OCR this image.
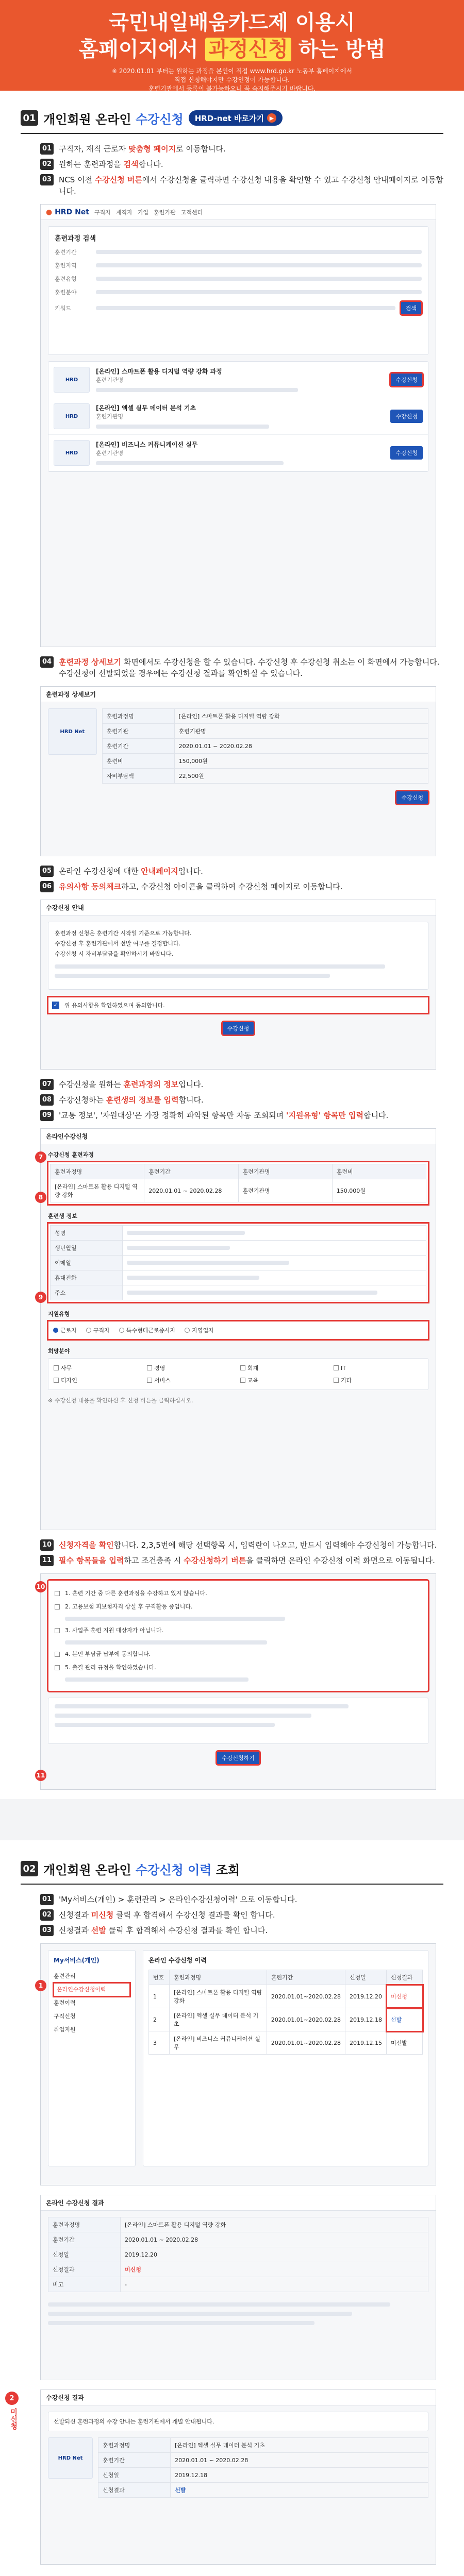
국민내일배움카드제 이용시
홈페이지에서 과정신청 하는 방법
※ 2020.01.01 부터는 원하는 과정을 본인이 직접 www.hrd.go.kr 노동부 홈페이지에서
직접 신청해야지만 수강인정이 가능합니다.
훈련기관에서 등록이 불가능하오니 꼭 숙지해주시기 바랍니다.
01 개인회원 온라인 수강신청 HRD-net 바로가기 ▶
01 구직자, 재직 근로자 맞춤형 페이지로 이동합니다.
02 원하는 훈련과정을 검색합니다.
03 NCS 이전 수강신청 버튼에서 수강신청을 클릭하면 수강신청 내용을 확인할 수 있고 수강신청 안내페이지로 이동합니다.
● HRD Net 구직자 재직자 기업 훈련기관 고객센터
훈련과정 검색
훈련기간
훈련지역
훈련유형
훈련분야
키워드	검색
HRD
[온라인] 스마트폰 활용 디지털 역량 강화 과정
훈련기관명	수강신청
HRD
[온라인] 엑셀 실무 데이터 분석 기초
훈련기관명	수강신청
HRD
[온라인] 비즈니스 커뮤니케이션 실무
훈련기관명	수강신청
04 훈련과정 상세보기 화면에서도 수강신청을 할 수 있습니다. 수강신청 후 수강신청 취소는 이 화면에서 가능합니다. 수강신청이 선발되었을 경우에는 수강신청 결과를 확인하실 수 있습니다.
훈련과정 상세보기
HRD Net
훈련과정명	[온라인] 스마트폰 활용 디지털 역량 강화
훈련기관	훈련기관명
훈련기간	2020.01.01 ~ 2020.02.28
훈련비	150,000원
자비부담액	22,500원
수강신청
05 온라인 수강신청에 대한 안내페이지입니다.
06 유의사항 동의체크하고, 수강신청 아이콘을 클릭하여 수강신청 페이지로 이동합니다.
수강신청 안내
훈련과정 신청은 훈련기간 시작일 기준으로 가능합니다.
수강신청 후 훈련기관에서 선발 여부를 결정합니다.
수강신청 시 자비부담금을 확인하시기 바랍니다.
✓ 위 유의사항을 확인하였으며 동의합니다.
수강신청
07 수강신청을 원하는 훈련과정의 정보입니다.
08 수강신청하는 훈련생의 정보를 입력합니다.
09 '교통 정보', '자원대상'은 가장 정확히 파악된 항목만 자동 조회되며 '지원유형' 항목만 입력합니다.
온라인수강신청
수강신청 훈련과정
훈련과정명	훈련기간	훈련기관명	훈련비
[온라인] 스마트폰 활용 디지털 역량 강화	2020.01.01 ~ 2020.02.28	훈련기관명	150,000원
훈련생 정보
성명	

생년월일	

이메일	

휴대전화	

주소	
지원유형
근로자	구직자	특수형태근로종사자	자영업자
희망분야
사무	경영	회계	IT
디자인	서비스	교육	기타
※ 수강신청 내용을 확인하신 후 신청 버튼을 클릭하십시오.
7
8
9
10 신청자격을 확인합니다. 2,3,5번에 해당 선택항목 시, 입력란이 나오고, 반드시 입력해야 수강신청이 가능합니다.
11 필수 항목들을 입력하고 조건충족 시 수강신청하기 버튼을 클릭하면 온라인 수강신청 이력 화면으로 이동됩니다.
1. 훈련 기간 중 다른 훈련과정을 수강하고 있지 않습니다.
2. 고용보험 피보험자격 상실 후 구직활동 중입니다.
3. 사업주 훈련 지원 대상자가 아닙니다.
4. 본인 부담금 납부에 동의합니다.
5. 출결 관리 규정을 확인하였습니다.
수강신청하기
10
11
02 개인회원 온라인 수강신청 이력 조회
01 'My서비스(개인) > 훈련관리 > 온라인수강신청이력' 으로 이동합니다.
02 신청결과 미신청 클릭 후 합격해서 수강신청 결과를 확인 합니다.
03 신청결과 선발 클릭 후 합격해서 수강신청 결과를 확인 합니다.
My서비스(개인)
훈련관리
온라인수강신청이력
훈련이력
구직신청
취업지원
온라인 수강신청 이력
번호	훈련과정명	훈련기간	신청일	신청결과
1	[온라인] 스마트폰 활용 디지털 역량 강화	2020.01.01~2020.02.28	2019.12.20	미신청
2	[온라인] 엑셀 실무 데이터 분석 기초	2020.01.01~2020.02.28	2019.12.18	선발
3	[온라인] 비즈니스 커뮤니케이션 실무	2020.01.01~2020.02.28	2019.12.15	미선발
1
2
미신청
온라인 수강신청 결과
훈련과정명	[온라인] 스마트폰 활용 디지털 역량 강화
훈련기간	2020.01.01 ~ 2020.02.28
신청일	2019.12.20
신청결과	미신청
비고	-
수강신청 결과
선발되신 훈련과정의 수강 안내는 훈련기관에서 개별 안내됩니다.
HRD Net
훈련과정명	[온라인] 엑셀 실무 데이터 분석 기초
훈련기간	2020.01.01 ~ 2020.02.28
신청일	2019.12.18
신청결과	선발
